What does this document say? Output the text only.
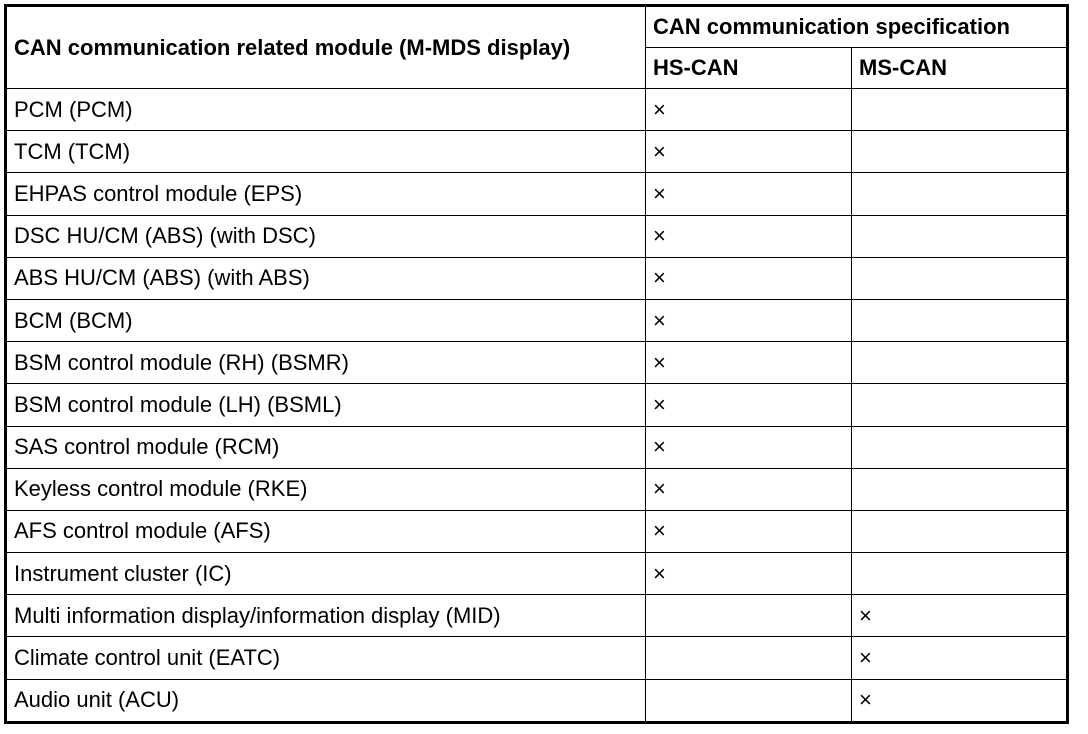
CAN communication related module (M-MDS display)	CAN communication specification	
	HS-CAN	MS-CAN
PCM (PCM)	×	
TCM (TCM)	×	
EHPAS control module (EPS)	×	
DSC HU/CM (ABS) (with DSC)	×	
ABS HU/CM (ABS) (with ABS)	×	
BCM (BCM)	×	
BSM control module (RH) (BSMR)	×	
BSM control module (LH) (BSML)	×	
SAS control module (RCM)	×	
Keyless control module (RKE)	×	
AFS control module (AFS)	×	
Instrument cluster (IC)	×	
Multi information display/information display (MID)		×
Climate control unit (EATC)		×
Audio unit (ACU)		×
